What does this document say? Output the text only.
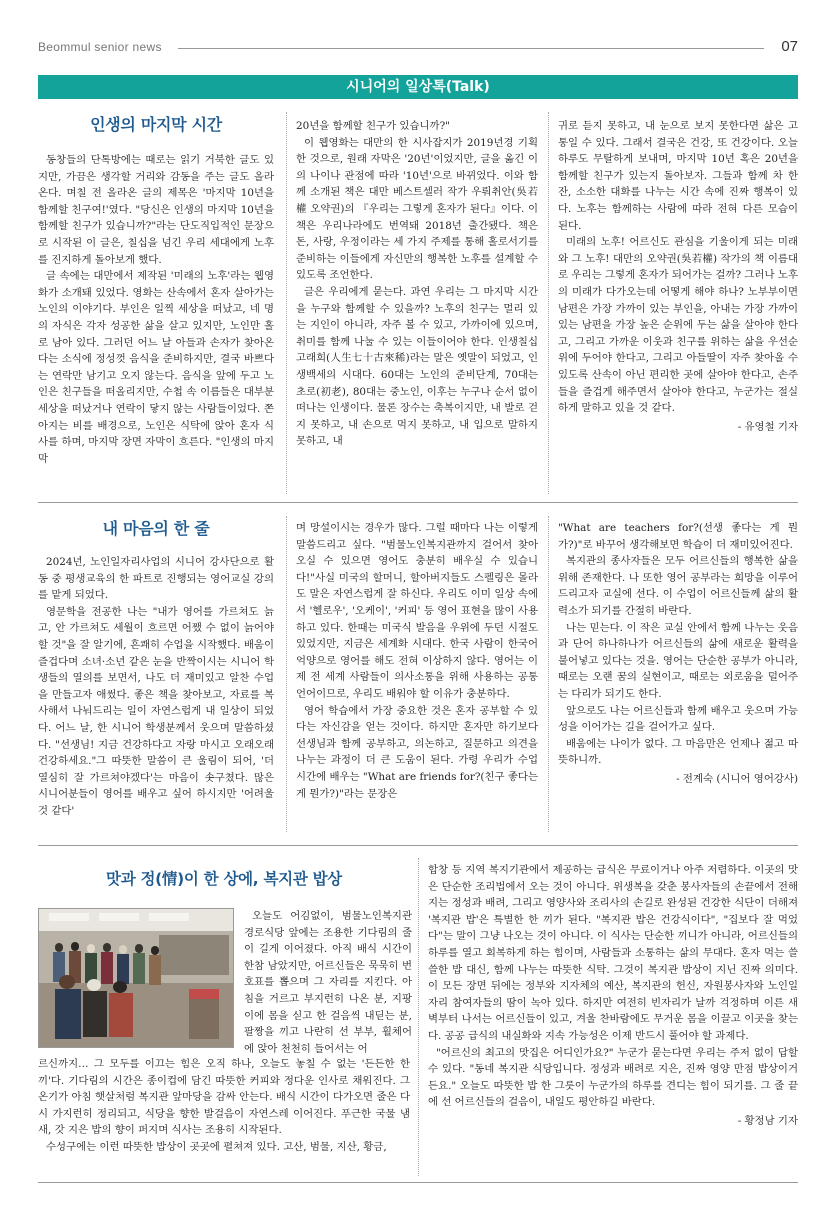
Beommul senior news	07
시니어의 일상톡(Talk)
인생의 마지막 시간

동창들의 단톡방에는 때로는 읽기 거북한 글도 있지만, 가끔은 생각할 거리와 감동을 주는 글도 올라온다. 며칠 전 올라온 글의 제목은 '마지막 10년을 함께할 친구여!'였다. "당신은 인생의 마지막 10년을 함께할 친구가 있습니까?"라는 단도직입적인 문장으로 시작된 이 글은, 칠십을 넘긴 우리 세대에게 노후를 진지하게 돌아보게 했다.

글 속에는 대만에서 제작된 '미래의 노후'라는 웹영화가 소개돼 있었다. 영화는 산속에서 혼자 살아가는 노인의 이야기다. 부인은 일찍 세상을 떠났고, 네 명의 자식은 각자 성공한 삶을 살고 있지만, 노인만 홀로 남아 있다. 그러던 어느 날 아들과 손자가 찾아온다는 소식에 정성껏 음식을 준비하지만, 결국 바쁘다는 연락만 남기고 오지 않는다. 음식을 앞에 두고 노인은 친구들을 떠올리지만, 수첩 속 이름들은 대부분 세상을 떠났거나 연락이 닿지 않는 사람들이었다. 쫀아지는 비를 배경으로, 노인은 식탁에 앉아 혼자 식사를 하며, 마지막 장면 자막이 흐른다. "인생의 마지막

20년을 함께할 친구가 있습니까?"

이 웹영화는 대만의 한 시사잡지가 2019년경 기획한 것으로, 원래 자막은 '20년'이었지만, 글을 옮긴 이의 나이나 관점에 따라 '10년'으로 바뀌었다. 이와 함께 소개된 책은 대만 베스트셀러 작가 우뤄취안(吳若權 오약권)의 『우리는 그렇게 혼자가 된다』이다. 이 책은 우리나라에도 번역돼 2018년 출간됐다. 책은 돈, 사랑, 우정이라는 세 가지 주제를 통해 홀로서기를 준비하는 이들에게 자신만의 행복한 노후를 설계할 수 있도록 조언한다.

글은 우리에게 묻는다. 과연 우리는 그 마지막 시간을 누구와 함께할 수 있을까? 노후의 친구는 멀리 있는 지인이 아니라, 자주 볼 수 있고, 가까이에 있으며, 취미를 함께 나눌 수 있는 이들이어야 한다. 인생칠십고래희(人生七十古來稀)라는 말은 옛말이 되었고, 인생백세의 시대다. 60대는 노인의 준비단계, 70대는 초로(初老), 80대는 중노인, 이후는 누구나 순서 없이 떠나는 인생이다. 물론 장수는 축복이지만, 내 발로 걷지 못하고, 내 손으로 먹지 못하고, 내 입으로 말하지 못하고, 내

귀로 듣지 못하고, 내 눈으로 보지 못한다면 삶은 고통일 수 있다. 그래서 결국은 건강, 또 건강이다. 오늘 하루도 무탈하게 보내며, 마지막 10년 혹은 20년을 함께할 친구가 있는지 돌아보자. 그들과 함께 차 한 잔, 소소한 대화를 나누는 시간 속에 진짜 행복이 있다. 노후는 함께하는 사람에 따라 전혀 다른 모습이 된다.

미래의 노후! 어르신도 관심을 기울이게 되는 미래와 그 노후! 대만의 오약권(吳若權) 작가의 책 이름대로 우리는 그렇게 혼자가 되어가는 걸까? 그러나 노후의 미래가 다가오는데 어떻게 해야 하나? 노부부이면 남편은 가장 가까이 있는 부인을, 아내는 가장 가까이 있는 남편을 가장 높은 순위에 두는 삶을 살아야 한다고, 그리고 가까운 이웃과 친구를 위하는 삶을 우선순위에 두어야 한다고, 그리고 아들딸이 자주 찾아올 수 있도록 산속이 아닌 편리한 곳에 살아야 한다고, 손주들을 즐겁게 해주면서 살아야 한다고, 누군가는 절실하게 말하고 있을 것 같다.

- 유영철 기자

내 마음의 한 줄

2024년, 노인일자리사업의 시니어 강사단으로 활동 중 평생교육의 한 파트로 진행되는 영어교실 강의를 맡게 되었다.

영문학을 전공한 나는 "내가 영어를 가르쳐도 늙고, 안 가르쳐도 세월이 흐르면 어쨌 수 없이 늙어야 할 것"을 잘 알기에, 흔쾌히 수업을 시작했다. 배움이 즐겁다며 소녀·소년 같은 눈을 반짝이시는 시니어 학생들의 열의를 보면서, 나도 더 재미있고 알찬 수업을 만들고자 애썼다. 좋은 책을 찾아보고, 자료를 복사해서 나눠드리는 일이 자연스럽게 내 일상이 되었다. 어느 날, 한 시니어 학생분께서 웃으며 말씀하셨다. "선생님! 지금 건강하다고 자랑 마시고 오래오래 건강하세요."그 따뜻한 말씀이 큰 울림이 되어, '더 열심히 잘 가르쳐야겠다'는 마음이 솟구쳤다. 많은 시니어분들이 영어를 배우고 싶어 하시지만 '어려울 것 같다'

며 망설이시는 경우가 많다. 그럴 때마다 나는 이렇게 말씀드리고 싶다. "범물노인복지관까지 걸어서 찾아오실 수 있으면 영어도 충분히 배우실 수 있습니다!"사실 미국의 할머니, 할아버지들도 스펠링은 몰라도 말은 자연스럽게 잘 하신다. 우리도 이미 일상 속에서 '헬로우', '오케이', '커피' 등 영어 표현을 많이 사용하고 있다. 한때는 미국식 발음을 우위에 두던 시절도 있었지만, 지금은 세계화 시대다. 한국 사람이 한국어 억양으로 영어를 해도 전혀 이상하지 않다. 영어는 이제 전 세계 사람들이 의사소통을 위해 사용하는 공통 언어이므로, 우리도 배워야 할 이유가 충분하다.

영어 학습에서 가장 중요한 것은 혼자 공부할 수 있다는 자신감을 얻는 것이다. 하지만 혼자만 하기보다 선생님과 함께 공부하고, 의논하고, 질문하고 의견을 나누는 과정이 더 큰 도움이 된다. 가령 우리가 수업 시간에 배우는 "What are friends for?(친구 좋다는 게 뭔가?)"라는 문장은

"What are teachers for?(선생 좋다는 게 뭔가?)"로 바꾸어 생각해보면 학습이 더 재미있어진다.

복지관의 종사자들은 모두 어르신들의 행복한 삶을 위해 존재한다. 나 또한 영어 공부라는 희망을 이루어드리고자 교실에 선다. 이 수업이 어르신들께 삶의 활력소가 되기를 간절히 바란다.

나는 믿는다. 이 작은 교실 안에서 함께 나누는 웃음과 단어 하나하나가 어르신들의 삶에 새로운 활력을 불어넣고 있다는 것을. 영어는 단순한 공부가 아니라, 때로는 오랜 꿈의 실현이고, 때로는 외로움을 덜어주는 다리가 되기도 한다.

앞으로도 나는 어르신들과 함께 배우고 웃으며 가능성을 이어가는 길을 걸어가고 싶다.

배움에는 나이가 없다. 그 마음만은 언제나 젊고 따뜻하니까.

- 전계숙 (시니어 영어강사)

맛과 정(情)이 한 상에, 복지관 밥상

오늘도 어김없이, 범물노인복지관 경로식당 앞에는 조용한 기다림의 줄이 길게 이어졌다. 아직 배식 시간이 한참 남았지만, 어르신들은 묵묵히 번호표를 뽑으며 그 자리를 지킨다. 아침을 거르고 부지런히 나온 분, 지팡이에 몸을 싣고 한 걸음씩 내딛는 분, 팔짱을 끼고 나란히 선 부부, 휠체어에 앉아 천천히 들어서는 어

르신까지… 그 모두를 이끄는 힘은 오직 하나, 오늘도 놓칠 수 없는 '든든한 한 끼'다. 기다림의 시간은 종이컵에 담긴 따뜻한 커피와 정다운 인사로 채워진다. 그 온기가 아침 햇살처럼 복지관 앞마당을 감싸 안는다. 배식 시간이 다가오면 줄은 다시 가지런히 정리되고, 식당을 향한 발걸음이 자연스레 이어진다. 푸근한 국물 냄새, 갓 지은 밥의 향이 퍼지며 식사는 조용히 시작된다.

수성구에는 이런 따뜻한 밥상이 곳곳에 펼쳐져 있다. 고산, 범물, 지산, 황금,

합창 등 지역 복지기관에서 제공하는 급식은 무료이거나 아주 저렴하다. 이곳의 맛은 단순한 조리법에서 오는 것이 아니다. 위생복을 갖춘 봉사자들의 손끝에서 전해지는 정성과 배려, 그리고 영양사와 조리사의 손길로 완성된 건강한 식단이 더해져 '복지관 밥'은 특별한 한 끼가 된다. "복지관 밥은 건강식이다", "집보다 잘 먹었다"는 말이 그냥 나오는 것이 아니다. 이 식사는 단순한 끼니가 아니라, 어르신들의 하루를 열고 회복하게 하는 힘이며, 사람들과 소통하는 삶의 무대다. 혼자 먹는 쓸쓸한 밥 대신, 함께 나누는 따뜻한 식탁. 그것이 복지관 밥상이 지닌 진짜 의미다. 이 모든 장면 뒤에는 정부와 지자체의 예산, 복지관의 헌신, 자원봉사자와 노인일자리 참여자들의 땀이 녹아 있다. 하지만 여전히 빈자리가 날까 걱정하며 이른 새벽부터 나서는 어르신들이 있고, 겨울 찬바람에도 무거운 몸을 이끌고 이곳을 찾는다. 공공 급식의 내실화와 지속 가능성은 이제 반드시 풀어야 할 과제다.

"어르신의 최고의 맛집은 어디인가요?" 누군가 묻는다면 우리는 주저 없이 답할 수 있다. "동네 복지관 식당입니다. 정성과 배려로 지은, 진짜 영양 만점 밥상이거든요." 오늘도 따뜻한 밥 한 그릇이 누군가의 하루를 견디는 힘이 되기를. 그 줄 끝에 선 어르신들의 걸음이, 내일도 평안하길 바란다.

- 황정남 기자
